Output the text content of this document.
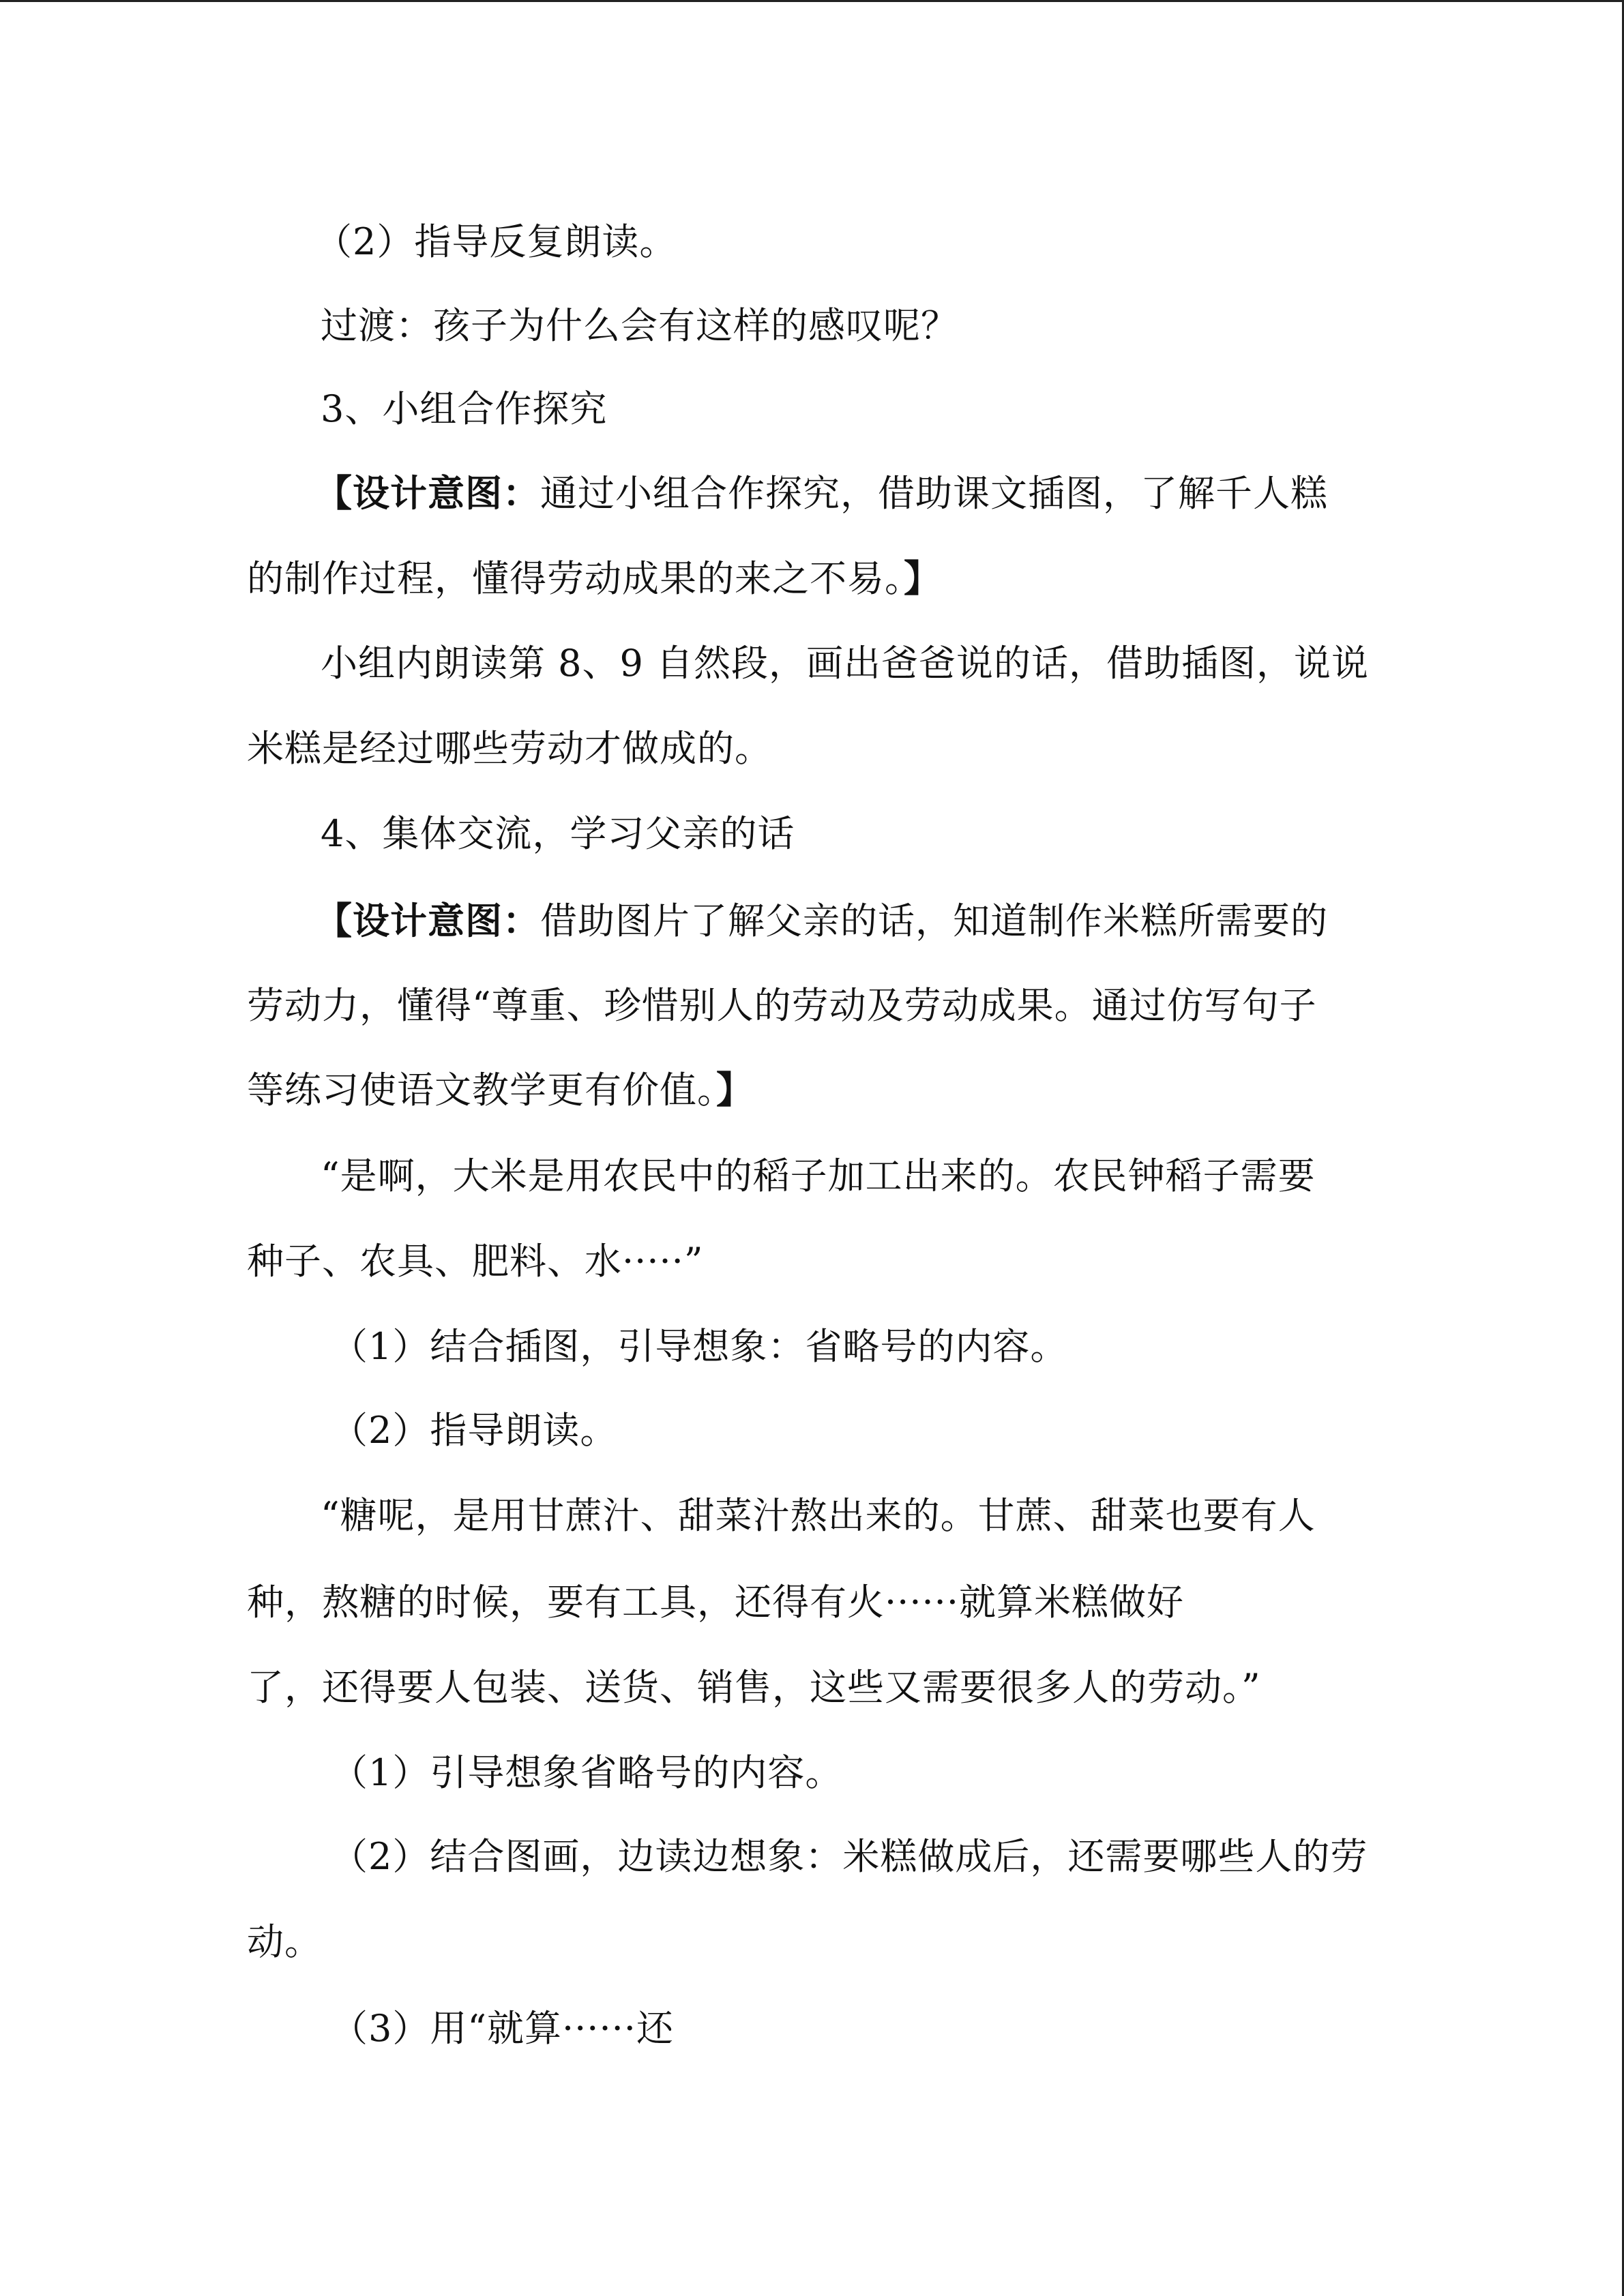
（2）指导反复朗读。
过渡：孩子为什么会有这样的感叹呢？
3、小组合作探究
【设计意图：通过小组合作探究，借助课文插图，了解千人糕
的制作过程，懂得劳动成果的来之不易。】
小组内朗读第 8、9 自然段，画出爸爸说的话，借助插图，说说
米糕是经过哪些劳动才做成的。
4、集体交流，学习父亲的话
【设计意图：借助图片了解父亲的话，知道制作米糕所需要的
劳动力，懂得“尊重、珍惜别人的劳动及劳动成果。通过仿写句子
等练习使语文教学更有价值。】
“是啊，大米是用农民中的稻子加工出来的。农民钟稻子需要
种子、农具、肥料、水·····”
（1）结合插图，引导想象：省略号的内容。
（2）指导朗读。
“糖呢，是用甘蔗汁、甜菜汁熬出来的。甘蔗、甜菜也要有人
种，熬糖的时候，要有工具，还得有火······就算米糕做好
了，还得要人包装、送货、销售，这些又需要很多人的劳动。”
（1）引导想象省略号的内容。
（2）结合图画，边读边想象：米糕做成后，还需要哪些人的劳
动。
（3）用“就算······还
